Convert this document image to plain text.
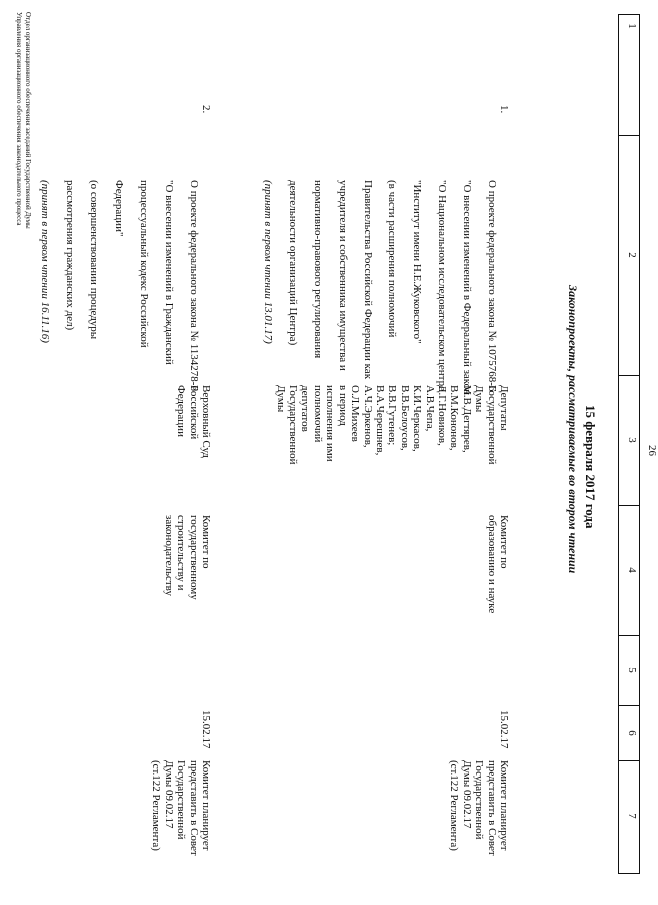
1
2
3
4
5
6
7
26
15 февраля 2017 года
Законопроекты, рассматриваемые во втором чтении
1.

О проекте федерального закона № 1075768-6

"О внесении изменений в Федеральный закон

"О Национальном исследовательском центре

"Институт имени Н.Е.Жуковского"

(в части расширения полномочий

Правительства Российской Федерации как

учредителя и собственника имущества и

нормативно-правового регулирования

деятельности организаций Центра)

(принят в первом чтении 13.01.17)

Депутаты
Государственной
Думы
М.В.Дегтярев,
В.М.Кононов,
Д.Г.Новиков,
А.В.Чепа,
К.И.Черкасов,
В.В.Белоусов,
В.В.Гутенев;
В.А.Черешнев,
А.Ч.Эркенов,
О.Л.Михеев
в период
исполнения ими
полномочий
депутатов
Государственной
Думы
Комитет по
образованию и науке
15.02.17
Комитет планирует
представить в Совет
Государственной
Думы 09.02.17
(ст.122 Регламента)
2.

О проекте федерального закона № 1134278-6

"О внесении изменений в Гражданский

процессуальный кодекс Российской

Федерации"

(о совершенствовании процедуры

рассмотрения гражданских дел)

(принят в первом чтении 16.11.16)

Верховный Суд
Российской
Федерации
Комитет по
государственному
строительству и
законодательству
15.02.17
Комитет планирует
представить в Совет
Государственной
Думы 09.02.17
(ст.122 Регламента)
Отдел организационного обеспечения заседаний Государственной Думы
Управления организационного обеспечения законодательного процесса
